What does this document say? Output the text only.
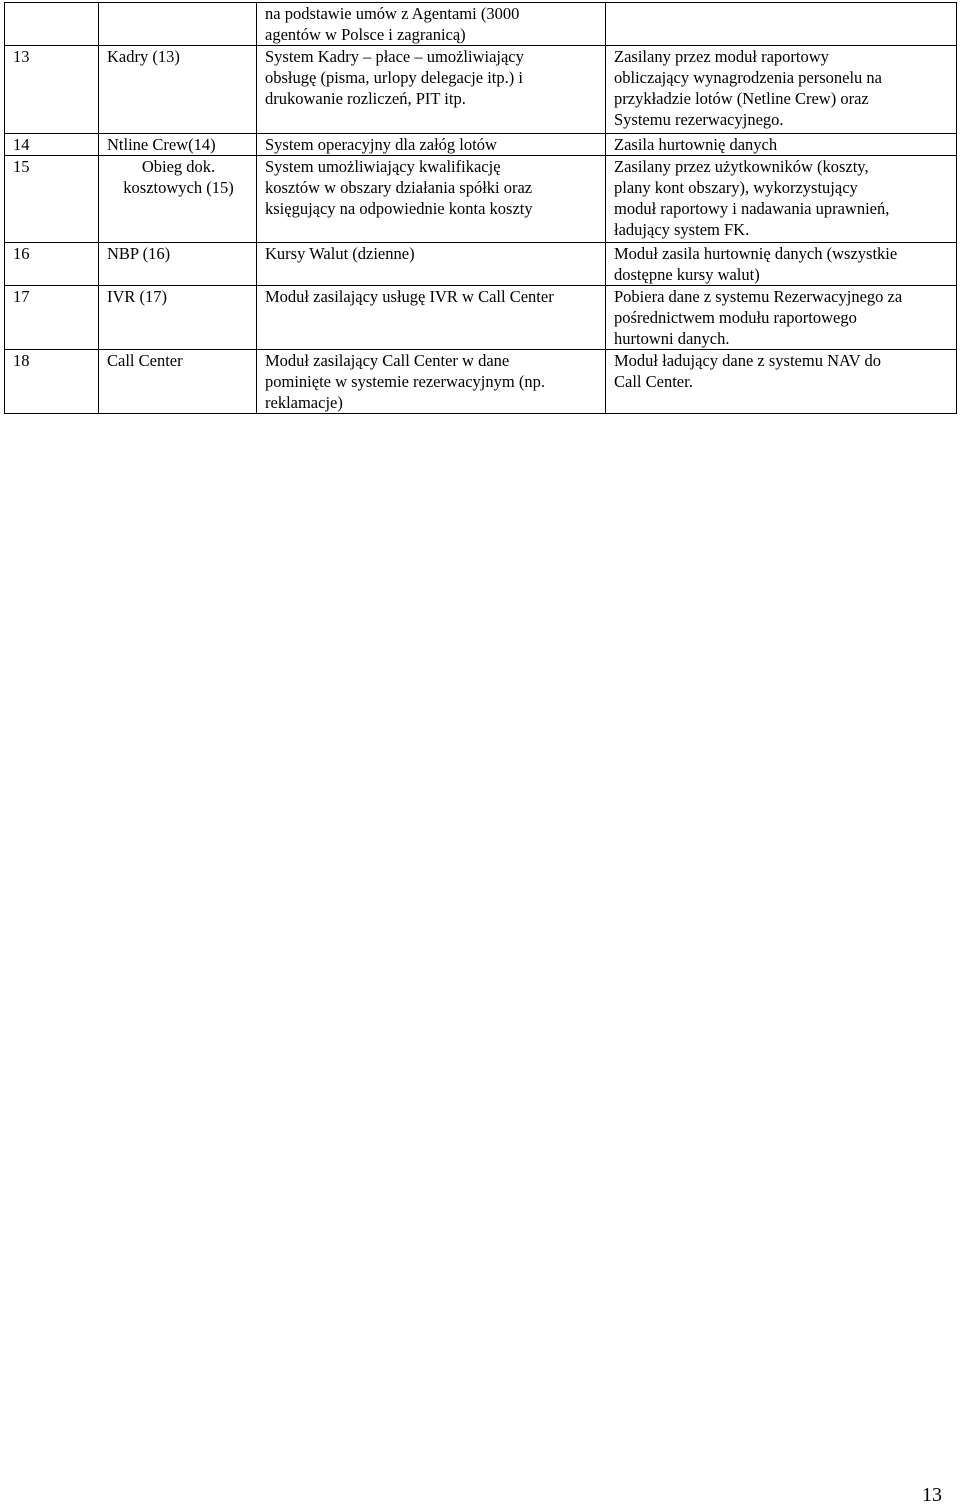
		na podstawie umów z Agentami (3000
agentów w Polsce i zagranicą)	

13	Kadry (13)	System Kadry – płace – umożliwiający
obsługę (pisma, urlopy delegacje itp.) i
drukowanie rozliczeń, PIT itp.	Zasilany przez moduł raportowy
obliczający wynagrodzenia personelu na
przykładzie lotów (Netline Crew) oraz
Systemu rezerwacyjnego.

14	Ntline Crew(14)	System operacyjny dla załóg lotów	Zasila hurtownię danych

15	Obieg dok.
kosztowych (15)	System umożliwiający kwalifikację
kosztów w obszary działania spółki oraz
księgujący na odpowiednie konta koszty	Zasilany przez użytkowników (koszty,
plany kont obszary), wykorzystujący
moduł raportowy i nadawania uprawnień,
ładujący system FK.

16	NBP (16)	Kursy Walut (dzienne)	Moduł zasila hurtownię danych (wszystkie
dostępne kursy walut)

17	IVR (17)	Moduł zasilający usługę IVR w Call Center	Pobiera dane z systemu Rezerwacyjnego za
pośrednictwem modułu raportowego
hurtowni danych.

18	Call Center	Moduł zasilający Call Center w dane
pominięte w systemie rezerwacyjnym (np.
reklamacje)	Moduł ładujący dane z systemu NAV do
Call Center.
13
